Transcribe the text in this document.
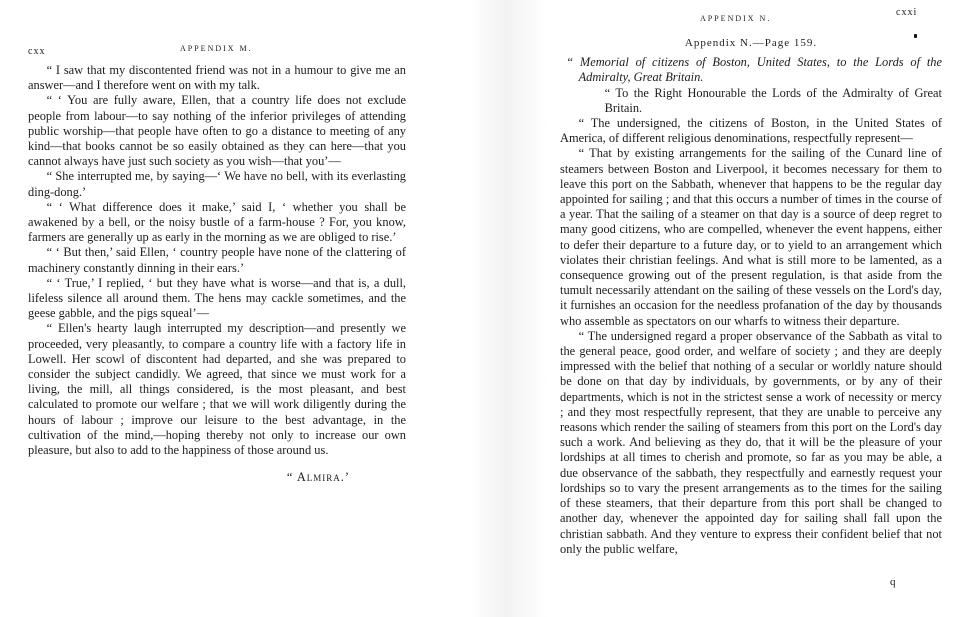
cxx	APPENDIX M.

“ I saw that my discontented friend was not in a humour to give me an answer—and I therefore went on with my talk.

“ ‘ You are fully aware, Ellen, that a country life does not exclude people from labour—to say nothing of the inferior privileges of attending public worship—that people have often to go a distance to meeting of any kind—that books cannot be so easily obtained as they can here—that you cannot always have just such society as you wish—that you’—

“ She interrupted me, by saying—‘ We have no bell, with its everlasting ding-dong.’

“ ‘ What difference does it make,’ said I, ‘ whether you shall be awakened by a bell, or the noisy bustle of a farm-house ? For, you know, farmers are generally up as early in the morning as we are obliged to rise.’

“ ‘ But then,’ said Ellen, ‘ country people have none of the clattering of machinery constantly dinning in their ears.’

“ ‘ True,’ I replied, ‘ but they have what is worse—and that is, a dull, lifeless silence all around them. The hens may cackle sometimes, and the geese gabble, and the pigs squeal’—

“ Ellen's hearty laugh interrupted my description—and presently we proceeded, very pleasantly, to compare a country life with a factory life in Lowell. Her scowl of discontent had departed, and she was prepared to consider the subject candidly. We agreed, that since we must work for a living, the mill, all things considered, is the most pleasant, and best calculated to promote our welfare ; that we will work diligently during the hours of labour ; improve our leisure to the best advantage, in the cultivation of the mind,—hoping thereby not only to increase our own pleasure, but also to add to the happiness of those around us.

“ Almira.’

APPENDIX N.
cxxi

Appendix N.—Page 159.

“ Memorial of citizens of Boston, United States, to the Lords of the Admiralty, Great Britain.

“ To the Right Honourable the Lords of the Admiralty of Great Britain.

“ The undersigned, the citizens of Boston, in the United States of America, of different religious denominations, respectfully represent—

“ That by existing arrangements for the sailing of the Cunard line of steamers between Boston and Liverpool, it becomes necessary for them to leave this port on the Sabbath, whenever that happens to be the regular day appointed for sailing ; and that this occurs a number of times in the course of a year. That the sailing of a steamer on that day is a source of deep regret to many good citizens, who are compelled, whenever the event happens, either to defer their departure to a future day, or to yield to an arrangement which violates their christian feelings. And what is still more to be lamented, as a consequence growing out of the present regulation, is that aside from the tumult necessarily attendant on the sailing of these vessels on the Lord's day, it furnishes an occasion for the needless profanation of the day by thousands who assemble as spectators on our wharfs to witness their departure.

“ The undersigned regard a proper observance of the Sabbath as vital to the general peace, good order, and welfare of society ; and they are deeply impressed with the belief that nothing of a secular or worldly nature should be done on that day by individuals, by governments, or by any of their departments, which is not in the strictest sense a work of necessity or mercy ; and they most respectfully represent, that they are unable to perceive any reasons which render the sailing of steamers from this port on the Lord's day such a work. And believing as they do, that it will be the pleasure of your lordships at all times to cherish and promote, so far as you may be able, a due observance of the sabbath, they respectfully and earnestly request your lordships so to vary the present arrangements as to the times for the sailing of these steamers, that their departure from this port shall be changed to another day, whenever the appointed day for sailing shall fall upon the christian sabbath. And they venture to express their confident belief that not only the public welfare,

q
